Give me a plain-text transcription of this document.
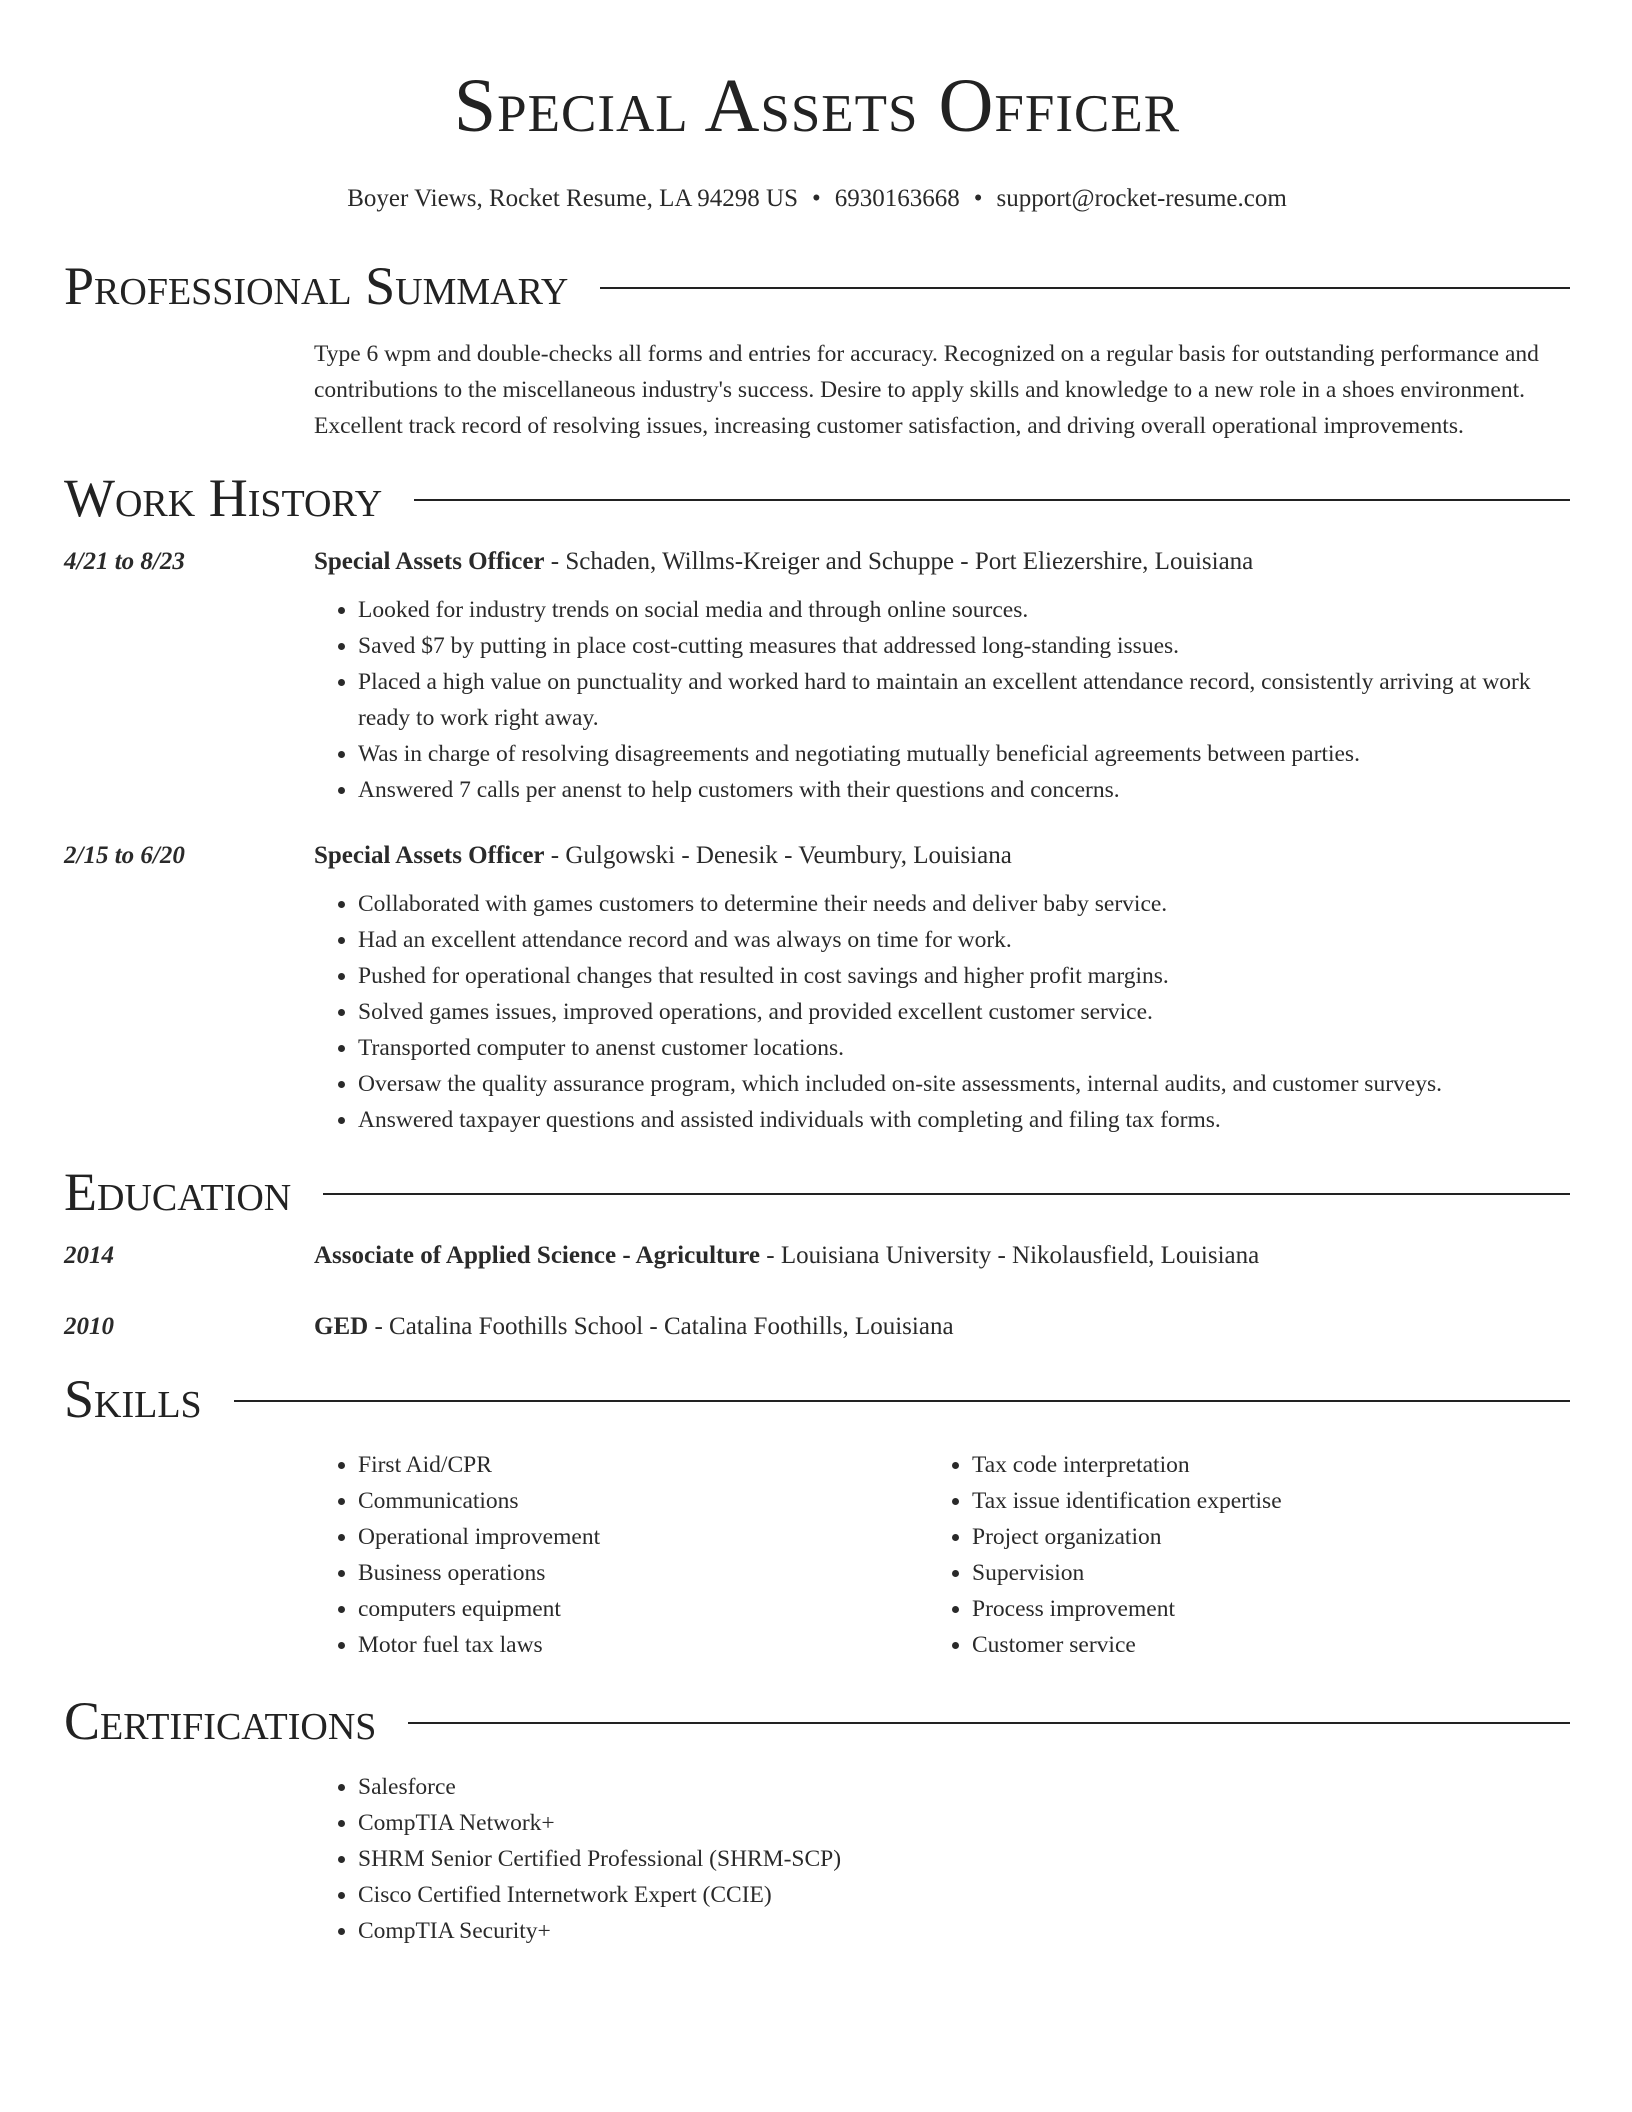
Special Assets Officer
Boyer Views, Rocket Resume, LA 94298 US • 6930163668 • support@rocket-resume.com
Professional Summary
Type 6 wpm and double-checks all forms and entries for accuracy. Recognized on a regular basis for outstanding performance and contributions to the miscellaneous industry's success. Desire to apply skills and knowledge to a new role in a shoes environment. Excellent track record of resolving issues, increasing customer satisfaction, and driving overall operational improvements.
Work History
4/21 to 8/23	Special Assets Officer - Schaden, Willms-Kreiger and Schuppe - Port Eliezershire, Louisiana
• Looked for industry trends on social media and through online sources.
• Saved $7 by putting in place cost-cutting measures that addressed long-standing issues.
• Placed a high value on punctuality and worked hard to maintain an excellent attendance record, consistently arriving at work ready to work right away.
• Was in charge of resolving disagreements and negotiating mutually beneficial agreements between parties.
• Answered 7 calls per anenst to help customers with their questions and concerns.
2/15 to 6/20	Special Assets Officer - Gulgowski - Denesik - Veumbury, Louisiana
• Collaborated with games customers to determine their needs and deliver baby service.
• Had an excellent attendance record and was always on time for work.
• Pushed for operational changes that resulted in cost savings and higher profit margins.
• Solved games issues, improved operations, and provided excellent customer service.
• Transported computer to anenst customer locations.
• Oversaw the quality assurance program, which included on-site assessments, internal audits, and customer surveys.
• Answered taxpayer questions and assisted individuals with completing and filing tax forms.
Education
2014	Associate of Applied Science - Agriculture - Louisiana University - Nikolausfield, Louisiana
2010	GED - Catalina Foothills School - Catalina Foothills, Louisiana
Skills
• First Aid/CPR
• Communications
• Operational improvement
• Business operations
• computers equipment
• Motor fuel tax laws
• Tax code interpretation
• Tax issue identification expertise
• Project organization
• Supervision
• Process improvement
• Customer service
Certifications
• Salesforce
• CompTIA Network+
• SHRM Senior Certified Professional (SHRM-SCP)
• Cisco Certified Internetwork Expert (CCIE)
• CompTIA Security+
